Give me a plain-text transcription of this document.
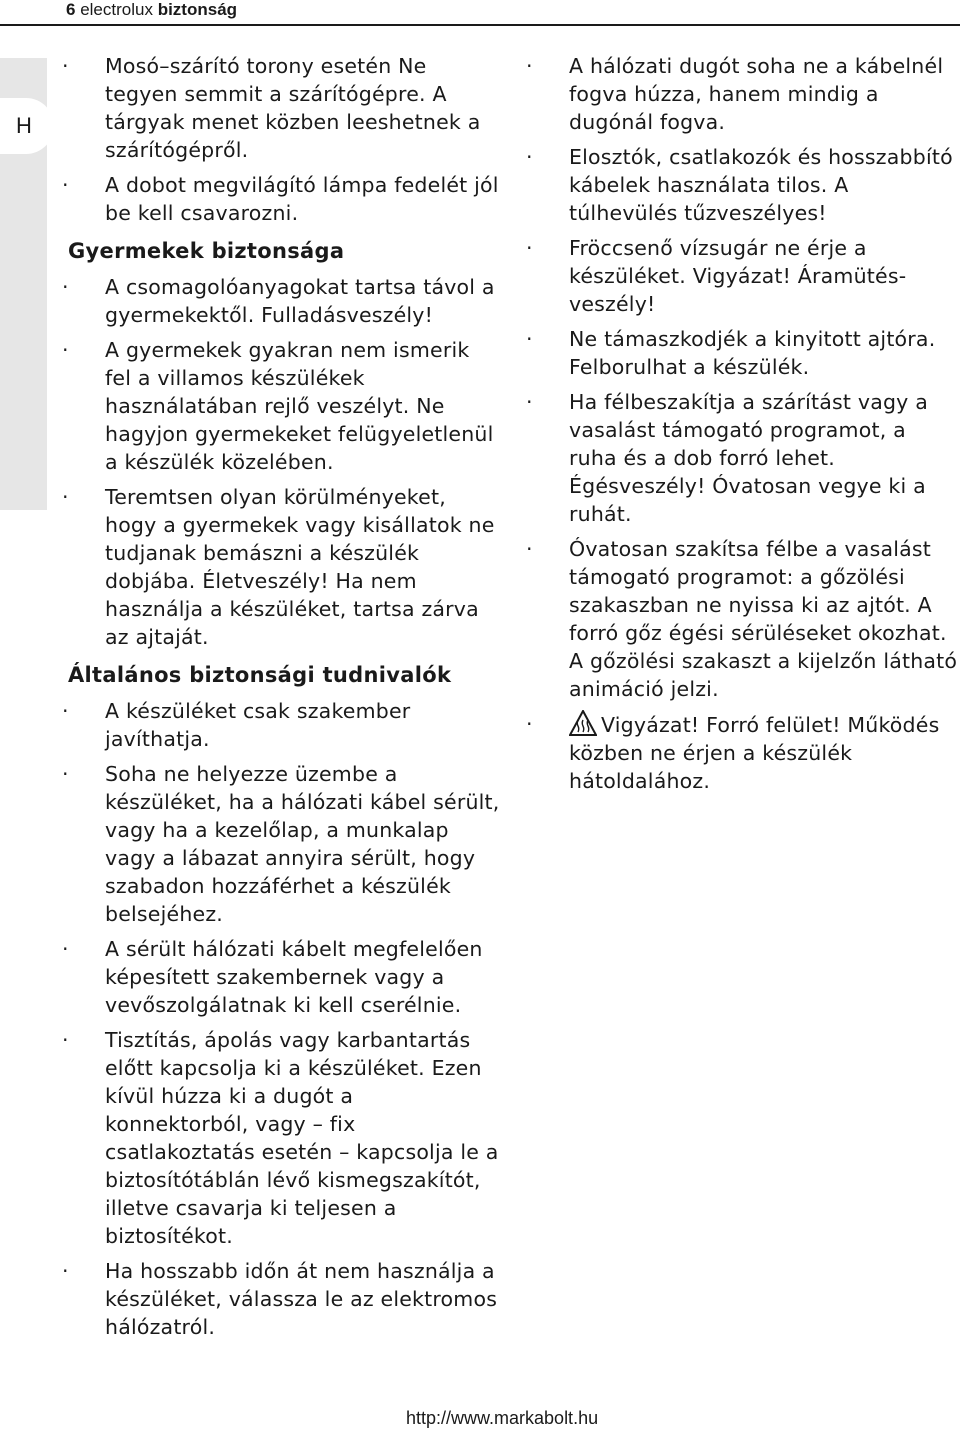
6 electrolux biztonság
H
·	Mosó–szárító torony esetén Ne tegyen semmit a szárítógépre. A tárgyak menet közben leeshetnek a szárítógépről.
·	A dobot megvilágító lámpa fedelét jól be kell csavarozni.
Gyermekek biztonsága
·	A csomagolóanyagokat tartsa távol a gyermekektől. Fulladásveszély!
·	A gyermekek gyakran nem ismerik fel a villamos készülékek használatában rejlő veszélyt. Ne hagyjon gyermekeket felügyeletlenül a készülék közelében.
·	Teremtsen olyan körülményeket, hogy a gyermekek vagy kisállatok ne tudjanak bemászni a készülék dobjába. Életveszély! Ha nem használja a készüléket, tartsa zárva az ajtaját.
Általános biztonsági tudnivalók
·	A készüléket csak szakember javíthatja.
·	Soha ne helyezze üzembe a készüléket, ha a hálózati kábel sérült, vagy ha a kezelőlap, a munkalap vagy a lábazat annyira sérült, hogy szabadon hozzáférhet a készülék belsejéhez.
·	A sérült hálózati kábelt megfelelően képesített szakembernek vagy a vevőszolgálatnak ki kell cserélnie.
·	Tisztítás, ápolás vagy karbantartás előtt kapcsolja ki a készüléket. Ezen kívül húzza ki a dugót a konnektorból, vagy – fix csatlakoztatás esetén – kapcsolja le a biztosítótáblán lévő kismegszakítót, illetve csavarja ki teljesen a biztosítékot.
·	Ha hosszabb időn át nem használja a készüléket, válassza le az elektromos hálózatról.
·	A hálózati dugót soha ne a kábelnél fogva húzza, hanem mindig a dugónál fogva.
·	Elosztók, csatlakozók és hosszabbító kábelek használata tilos. A túlhevülés tűzveszélyes!
·	Fröccsenő vízsugár ne érje a készüléket. Vigyázat! Áramütés-veszély!
·	Ne támaszkodjék a kinyitott ajtóra. Felborulhat a készülék.
·	Ha félbeszakítja a szárítást vagy a vasalást támogató programot, a ruha és a dob forró lehet. Égésveszély! Óvatosan vegye ki a ruhát.
·	Óvatosan szakítsa félbe a vasalást támogató programot: a gőzölési szakaszban ne nyissa ki az ajtót. A forró gőz égési sérüléseket okozhat. A gőzölési szakaszt a kijelzőn látható animáció jelzi.
·	Vigyázat! Forró felület! Működés közben ne érjen a készülék hátoldalához.
http://www.markabolt.hu
